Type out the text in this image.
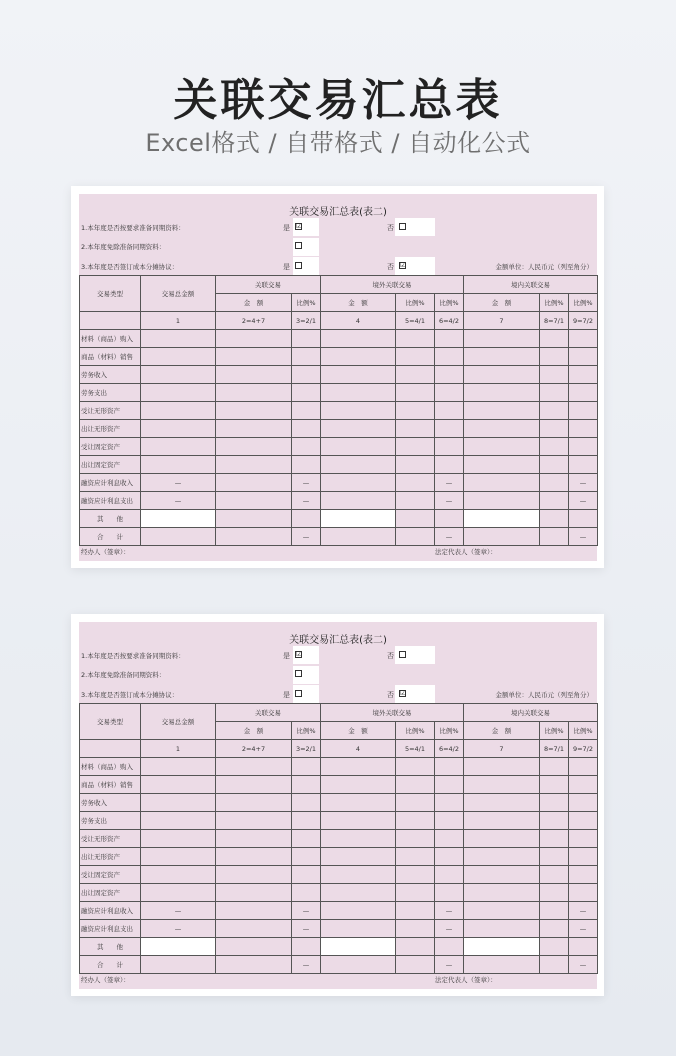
关联交易汇总表
Excel格式 / 自带格式 / 自动化公式
关联交易汇总表(表二)
1.本年度是否按要求准备同期资料：
2.本年度免除准备同期资料：
3.本年度是否签订成本分摊协议：
是 ☑	否
是	否 ☑	金额单位：人民币元（列至角分）
交易类型	交易总金额	关联交易		境外关联交易			境内关联交易		
		金　额	比例%	金　额	比例%	比例%	金　额	比例%	比例%
	1	2=4+7	3=2/1	4	5=4/1	6=4/2	7	8=7/1	9=7/2
材料（商品）购入									
商品（材料）销售									
劳务收入									
劳务支出									
受让无形资产									
出让无形资产									
受让固定资产									
出让固定资产									
融资应计利息收入	—		—			—			—
融资应计利息支出	—		—			—			—
其　　他									
合　　计			—			—			—
经办人（签章）：	法定代表人（签章）：
关联交易汇总表(表二)
1.本年度是否按要求准备同期资料：
2.本年度免除准备同期资料：
3.本年度是否签订成本分摊协议：
是 ☑	否
是	否 ☑	金额单位：人民币元（列至角分）
交易类型	交易总金额	关联交易		境外关联交易			境内关联交易		
		金　额	比例%	金　额	比例%	比例%	金　额	比例%	比例%
	1	2=4+7	3=2/1	4	5=4/1	6=4/2	7	8=7/1	9=7/2
材料（商品）购入									
商品（材料）销售									
劳务收入									
劳务支出									
受让无形资产									
出让无形资产									
受让固定资产									
出让固定资产									
融资应计利息收入	—		—			—			—
融资应计利息支出	—		—			—			—
其　　他									
合　　计			—			—			—
经办人（签章）：	法定代表人（签章）：
